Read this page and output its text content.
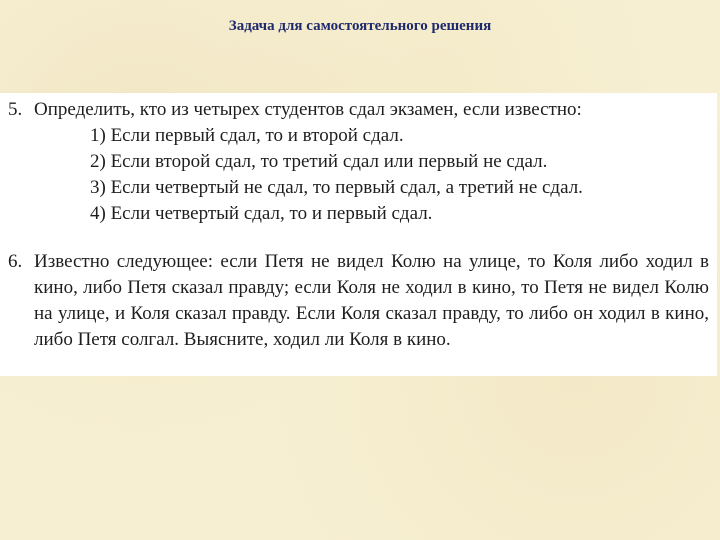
Задача для самостоятельного решения
5. Определить, кто из четырех студентов сдал экзамен, если известно:
1) Если первый сдал, то и второй сдал.
2) Если второй сдал, то третий сдал или первый не сдал.
3) Если четвертый не сдал, то первый сдал, а третий не сдал.
4) Если четвертый сдал, то и первый сдал.
6. Известно следующее: если Петя не видел Колю на улице, то Коля либо ходил в кино, либо Петя сказал правду; если Коля не ходил в кино, то Петя не видел Колю на улице, и Коля сказал правду. Если Коля сказал правду, то либо он ходил в кино, либо Петя солгал. Выясните, ходил ли Коля в кино.
